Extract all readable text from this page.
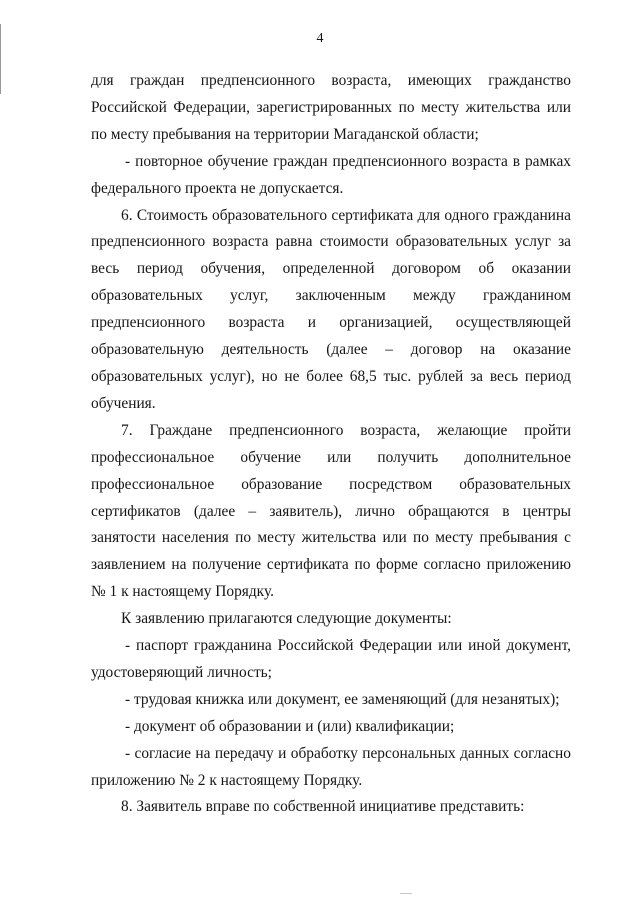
4

для граждан предпенсионного возраста, имеющих гражданство Российской Федерации, зарегистрированных по месту жительства или по месту пребывания на территории Магаданской области;

- повторное обучение граждан предпенсионного возраста в рамках федерального проекта не допускается.

6. Стоимость образовательного сертификата для одного гражданина предпенсионного возраста равна стоимости образовательных услуг за весь период обучения, определенной договором об оказании образовательных услуг, заключенным между гражданином предпенсионного возраста и организацией, осуществляющей образовательную деятельность (далее – договор на оказание образовательных услуг), но не более 68,5 тыс. рублей за весь период обучения.

7. Граждане предпенсионного возраста, желающие пройти профессиональное обучение или получить дополнительное профессиональное образование посредством образовательных сертификатов (далее – заявитель), лично обращаются в центры занятости населения по месту жительства или по месту пребывания с заявлением на получение сертификата по форме согласно приложению № 1 к настоящему Порядку.

К заявлению прилагаются следующие документы:

- паспорт гражданина Российской Федерации или иной документ, удостоверяющий личность;

- трудовая книжка или документ, ее заменяющий (для незанятых);

- документ об образовании и (или) квалификации;

- согласие на передачу и обработку персональных данных согласно приложению № 2 к настоящему Порядку.

8. Заявитель вправе по собственной инициативе представить:
